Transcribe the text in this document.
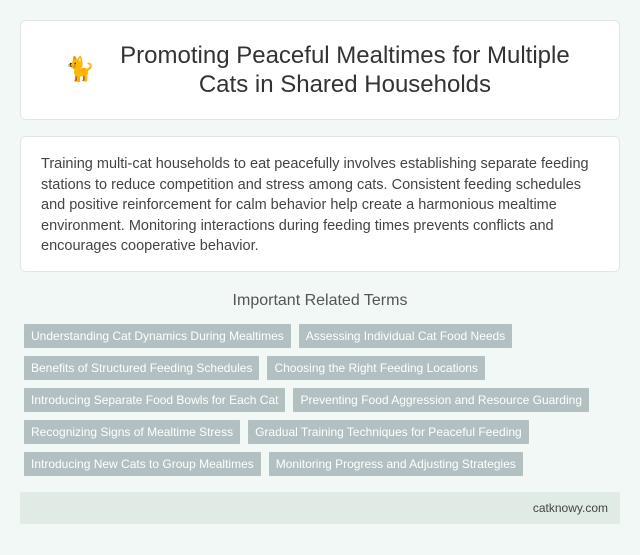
🐈
Promoting Peaceful Mealtimes for Multiple Cats in Shared Households

Training multi-cat households to eat peacefully involves establishing separate feeding stations to reduce competition and stress among cats. Consistent feeding schedules and positive reinforcement for calm behavior help create a harmonious mealtime environment. Monitoring interactions during feeding times prevents conflicts and encourages cooperative behavior.

Important Related Terms
Understanding Cat Dynamics During Mealtimes	Assessing Individual Cat Food Needs
Benefits of Structured Feeding Schedules	Choosing the Right Feeding Locations
Introducing Separate Food Bowls for Each Cat	Preventing Food Aggression and Resource Guarding
Recognizing Signs of Mealtime Stress	Gradual Training Techniques for Peaceful Feeding
Introducing New Cats to Group Mealtimes	Monitoring Progress and Adjusting Strategies
catknowy.com
